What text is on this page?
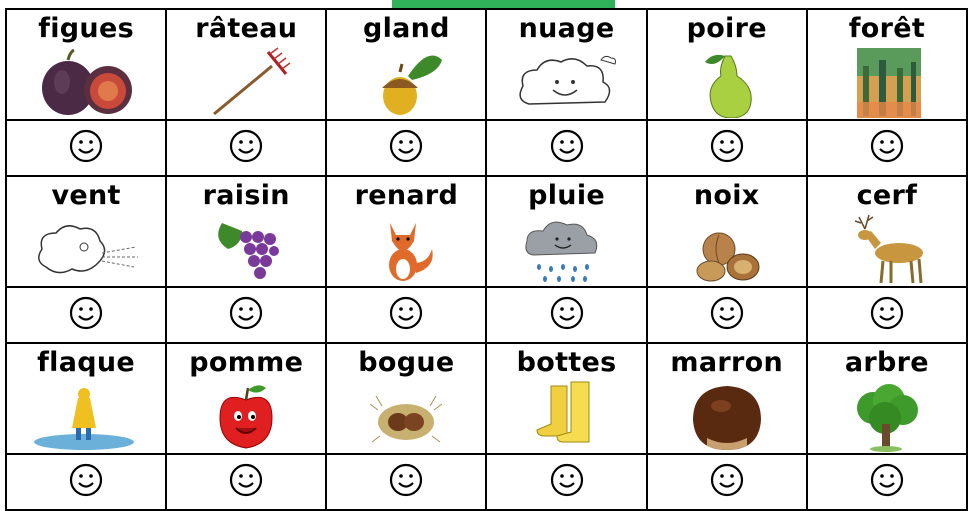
figues	râteau	gland	nuage	poire	forêt

vent	raisin	renard	pluie	noix	cerf

flaque	pomme	bogue	bottes	marron	arbre
